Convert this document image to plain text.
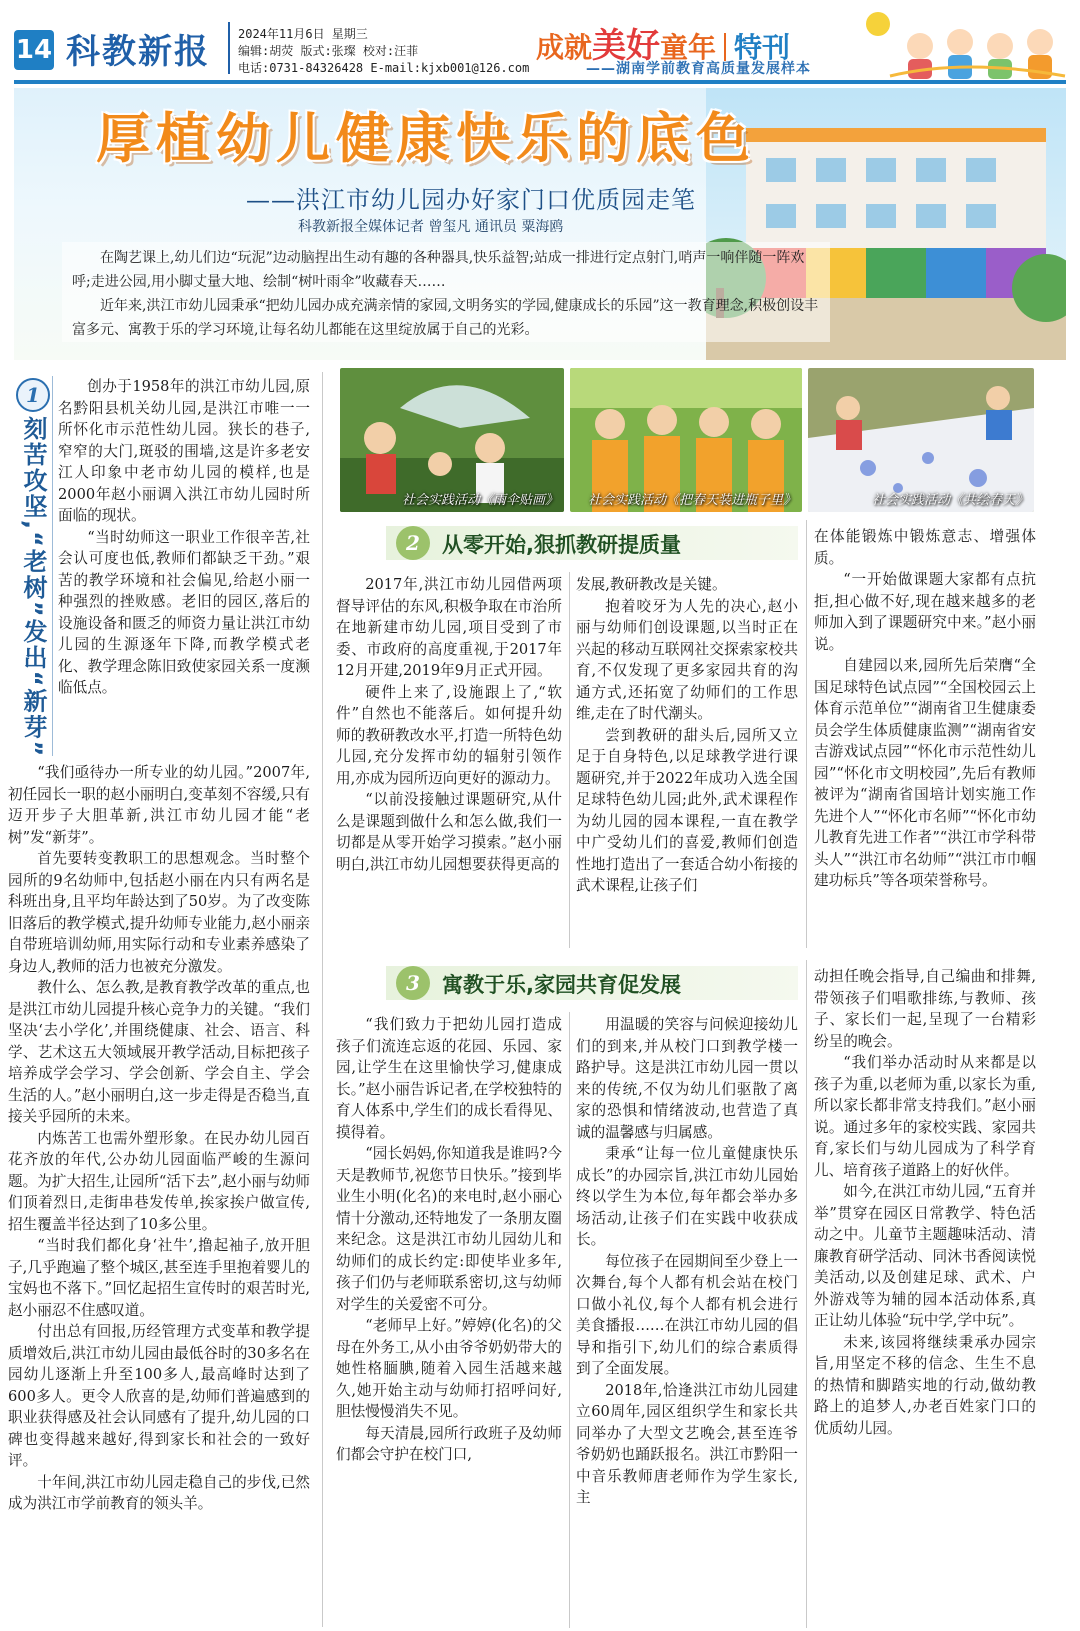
14 科教新报 2024年11月6日 星期三
编辑:胡荧 版式:张璨 校对:汪菲
电话:0731-84326428 E-mail:kjxb001@126.com
成就美好童年 特刊
——湖南学前教育高质量发展样本
厚植幼儿健康快乐的底色
——洪江市幼儿园办好家门口优质园走笔
科教新报全媒体记者 曾玺凡 通讯员 粟海鸥

在陶艺课上,幼儿们边“玩泥”边动脑捏出生动有趣的各种器具,快乐益智;站成一排进行定点射门,哨声一响伴随一阵欢呼;走进公园,用小脚丈量大地、绘制“树叶雨伞”收藏春天……

近年来,洪江市幼儿园秉承“把幼儿园办成充满亲情的家园,文明务实的学园,健康成长的乐园”这一教育理念,积极创设丰富多元、寓教于乐的学习环境,让每名幼儿都能在这里绽放属于自己的光彩。

1
刻苦攻坚,“老树”发出“新芽”

创办于1958年的洪江市幼儿园,原名黔阳县机关幼儿园,是洪江市唯一一所怀化市示范性幼儿园。狭长的巷子,窄窄的大门,斑驳的围墙,这是许多老安江人印象中老市幼儿园的模样,也是2000年赵小丽调入洪江市幼儿园时所面临的现状。

“当时幼师这一职业工作很辛苦,社会认可度也低,教师们都缺乏干劲。”艰苦的教学环境和社会偏见,给赵小丽一种强烈的挫败感。老旧的园区,落后的设施设备和匮乏的师资力量让洪江市幼儿园的生源逐年下降,而教学模式老化、教学理念陈旧致使家园关系一度濒临低点。

“我们亟待办一所专业的幼儿园。”2007年,初任园长一职的赵小丽明白,变革刻不容缓,只有迈开步子大胆革新,洪江市幼儿园才能“老树”发“新芽”。

首先要转变教职工的思想观念。当时整个园所的9名幼师中,包括赵小丽在内只有两名是科班出身,且平均年龄达到了50岁。为了改变陈旧落后的教学模式,提升幼师专业能力,赵小丽亲自带班培训幼师,用实际行动和专业素养感染了身边人,教师的活力也被充分激发。

教什么、怎么教,是教育教学改革的重点,也是洪江市幼儿园提升核心竞争力的关键。“我们坚决‘去小学化’,并围绕健康、社会、语言、科学、艺术这五大领域展开教学活动,目标把孩子培养成学会学习、学会创新、学会自主、学会生活的人。”赵小丽明白,这一步走得是否稳当,直接关乎园所的未来。

内炼苦工也需外塑形象。在民办幼儿园百花齐放的年代,公办幼儿园面临严峻的生源问题。为扩大招生,让园所“活下去”,赵小丽与幼师们顶着烈日,走街串巷发传单,挨家挨户做宣传,招生覆盖半径达到了10多公里。

“当时我们都化身‘社牛’,撸起袖子,放开胆子,几乎跑遍了整个城区,甚至连手里抱着婴儿的宝妈也不落下。”回忆起招生宣传时的艰苦时光,赵小丽忍不住感叹道。

付出总有回报,历经管理方式变革和教学提质增效后,洪江市幼儿园由最低谷时的30多名在园幼儿逐渐上升至100多人,最高峰时达到了600多人。更令人欣喜的是,幼师们普遍感到的职业获得感及社会认同感有了提升,幼儿园的口碑也变得越来越好,得到家长和社会的一致好评。

十年间,洪江市幼儿园走稳自己的步伐,已然成为洪江市学前教育的领头羊。

社会实践活动《雨伞贴画》 社会实践活动《把春天装进瓶子里》	社会实践活动《共绘春天》
2	从零开始,狠抓教研提质量

2017年,洪江市幼儿园借两项督导评估的东风,积极争取在市治所在地新建市幼儿园,项目受到了市委、市政府的高度重视,于2017年12月开建,2019年9月正式开园。

硬件上来了,设施跟上了,“软件”自然也不能落后。如何提升幼师的教研教改水平,打造一所特色幼儿园,充分发挥市幼的辐射引领作用,亦成为园所迈向更好的源动力。

“以前没接触过课题研究,从什么是课题到做什么和怎么做,我们一切都是从零开始学习摸索。”赵小丽明白,洪江市幼儿园想要获得更高的

发展,教研教改是关键。

抱着咬牙为人先的决心,赵小丽与幼师们创设课题,以当时正在兴起的移动互联网社交探索家校共育,不仅发现了更多家园共育的沟通方式,还拓宽了幼师们的工作思维,走在了时代潮头。

尝到教研的甜头后,园所又立足于自身特色,以足球教学进行课题研究,并于2022年成功入选全国足球特色幼儿园;此外,武术课程作为幼儿园的园本课程,一直在教学中广受幼儿们的喜爱,教师们创造性地打造出了一套适合幼小衔接的武术课程,让孩子们

在体能锻炼中锻炼意志、增强体质。

“一开始做课题大家都有点抗拒,担心做不好,现在越来越多的老师加入到了课题研究中来。”赵小丽说。

自建园以来,园所先后荣膺“全国足球特色试点园”“全国校园云上体育示范单位”“湖南省卫生健康委员会学生体质健康监测”“湖南省安吉游戏试点园”“怀化市示范性幼儿园”“怀化市文明校园”,先后有教师被评为“湖南省国培计划实施工作先进个人”“怀化市名师”“怀化市幼儿教育先进工作者”“洪江市学科带头人”“洪江市名幼师”“洪江市巾帼建功标兵”等各项荣誉称号。

3	寓教于乐,家园共育促发展

“我们致力于把幼儿园打造成孩子们流连忘返的花园、乐园、家园,让学生在这里愉快学习,健康成长。”赵小丽告诉记者,在学校独特的育人体系中,学生们的成长看得见、摸得着。

“园长妈妈,你知道我是谁吗?今天是教师节,祝您节日快乐。”接到毕业生小明(化名)的来电时,赵小丽心情十分激动,还特地发了一条朋友圈来纪念。这是洪江市幼儿园幼儿和幼师们的成长约定:即使毕业多年,孩子们仍与老师联系密切,这与幼师对学生的关爱密不可分。

“老师早上好。”婷婷(化名)的父母在外务工,从小由爷爷奶奶带大的她性格腼腆,随着入园生活越来越久,她开始主动与幼师打招呼问好,胆怯慢慢消失不见。

每天清晨,园所行政班子及幼师们都会守护在校门口,

用温暖的笑容与问候迎接幼儿们的到来,并从校门口到教学楼一路护导。这是洪江市幼儿园一贯以来的传统,不仅为幼儿们驱散了离家的恐惧和情绪波动,也营造了真诚的温馨感与归属感。

秉承“让每一位儿童健康快乐成长”的办园宗旨,洪江市幼儿园始终以学生为本位,每年都会举办多场活动,让孩子们在实践中收获成长。

每位孩子在园期间至少登上一次舞台,每个人都有机会站在校门口做小礼仪,每个人都有机会进行美食播报……在洪江市幼儿园的倡导和指引下,幼儿们的综合素质得到了全面发展。

2018年,恰逢洪江市幼儿园建立60周年,园区组织学生和家长共同举办了大型文艺晚会,甚至连爷爷奶奶也踊跃报名。洪江市黔阳一中音乐教师唐老师作为学生家长,主

动担任晚会指导,自己编曲和排舞,带领孩子们唱歌排练,与教师、孩子、家长们一起,呈现了一台精彩纷呈的晚会。

“我们举办活动时从来都是以孩子为重,以老师为重,以家长为重,所以家长都非常支持我们。”赵小丽说。通过多年的家校实践、家园共育,家长们与幼儿园成为了科学育儿、培育孩子道路上的好伙伴。

如今,在洪江市幼儿园,“五育并举”贯穿在园区日常教学、特色活动之中。儿童节主题趣味活动、清廉教育研学活动、同沐书香阅读悦美活动,以及创建足球、武术、户外游戏等为辅的园本活动体系,真正让幼儿体验“玩中学,学中玩”。

未来,该园将继续秉承办园宗旨,用坚定不移的信念、生生不息的热情和脚踏实地的行动,做幼教路上的追梦人,办老百姓家门口的优质幼儿园。
